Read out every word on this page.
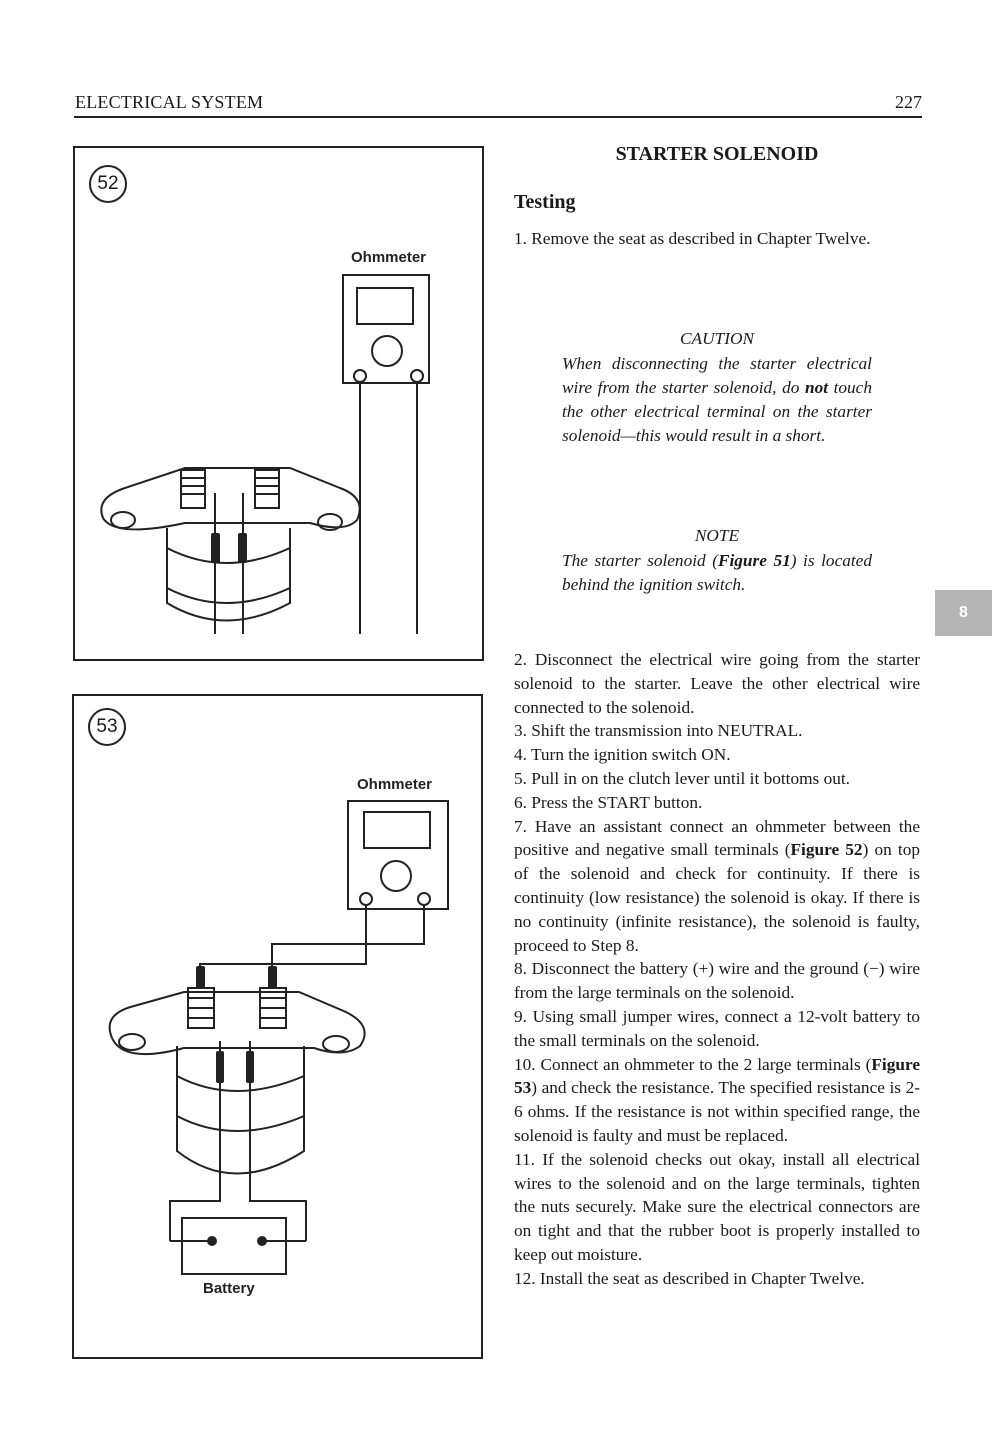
ELECTRICAL SYSTEM	227
52
Ohmmeter
53
Ohmmeter
Battery
STARTER SOLENOID
Testing

1. Remove the seat as described in Chapter Twelve.

CAUTION
When disconnecting the starter electrical wire from the starter solenoid, do not touch the other electrical terminal on the starter solenoid—this would result in a short.
NOTE
The starter solenoid (Figure 51) is located behind the ignition switch.
8

2. Disconnect the electrical wire going from the starter solenoid to the starter. Leave the other electrical wire connected to the solenoid.

3. Shift the transmission into NEUTRAL.

4. Turn the ignition switch ON.

5. Pull in on the clutch lever until it bottoms out.

6. Press the START button.

7. Have an assistant connect an ohmmeter between the positive and negative small terminals (Figure 52) on top of the solenoid and check for continuity. If there is continuity (low resistance) the solenoid is okay. If there is no continuity (infinite resistance), the solenoid is faulty, proceed to Step 8.

8. Disconnect the battery (+) wire and the ground (−) wire from the large terminals on the solenoid.

9. Using small jumper wires, connect a 12-volt battery to the small terminals on the solenoid.

10. Connect an ohmmeter to the 2 large terminals (Figure 53) and check the resistance. The specified resistance is 2-6 ohms. If the resistance is not within specified range, the solenoid is faulty and must be replaced.

11. If the solenoid checks out okay, install all electrical wires to the solenoid and on the large terminals, tighten the nuts securely. Make sure the electrical connectors are on tight and that the rubber boot is properly installed to keep out moisture.

12. Install the seat as described in Chapter Twelve.
